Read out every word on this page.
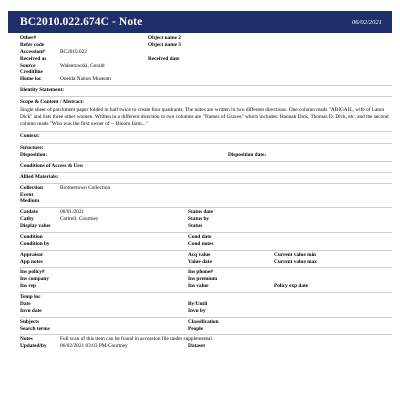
BC2010.022.674C - Note	06/02/2021
Other#	Object name 2
Refer code	Object name 3
Accession#	BC2010.022
Received as	Received date
Source	Walentowski, Gerald
Creditline
Home loc	Oneida Nation Museum
Identity Statement:
Scope & Content / Abstract:
Single sheet of parchment paper folded in half twice to create four quadrants. The notes are written in two different directions. One column reads "ABIGAIL, wife of Laton Dick" and lists three other women. Written in a different direction in two columns are "Names of Graves" which includes: Hannah Dick, Thomas D. Dick, etc. and the second column reads "Who was the first owner of -- Bloom farm..."
Context:
Structure:
Disposition:	Disposition date:
Conditions of Access & Use:
Allied Materials:
Collection	Brothertown Collection
Event
Medium
Catdate	06/01/2021	Status date
Catby	Cottrell, Courtney	Status by
Display value	Status
Condition	Cond date
Condition by	Cond notes
Appraisor	Acq value	Current value min
App notes	Value date	Current value max
Ins policy#	Ins phone#
Ins company	Ins premium
Ins rep	Ins value	Policy exp date
Temp loc
Date	By/Until
Invn date	Invn by
Subjects	Classification
Search terms	People
Notes	Full scan of this item can be found in accession file under supplemental.
Updated/by	06/02/2021 03:03 PM/Courtney	Dataset
